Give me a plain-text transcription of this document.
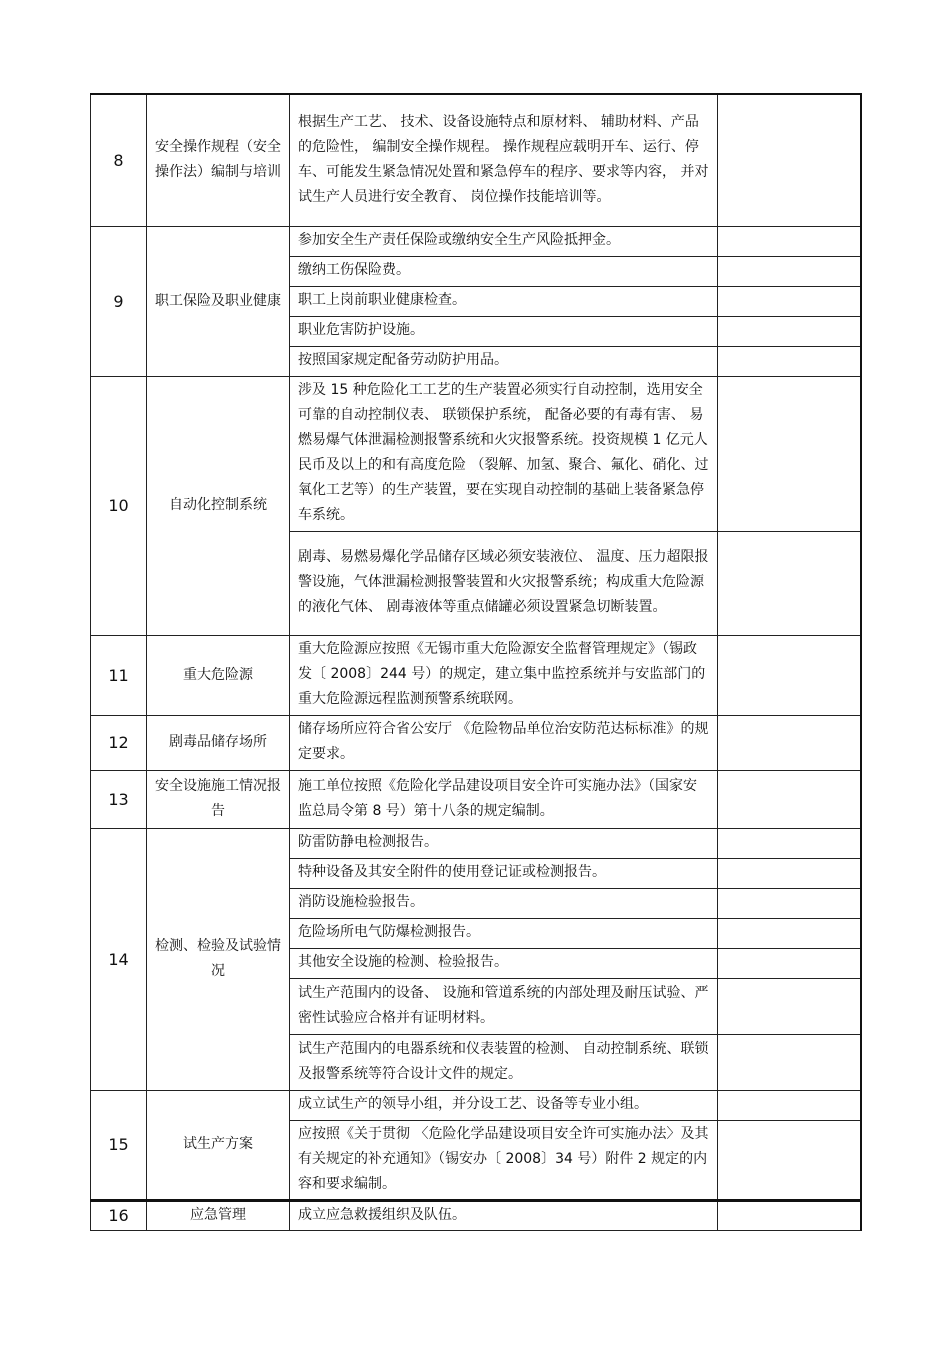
8	安全操作规程（安全操作法）编制与培训	根据生产工艺、 技术、设备设施特点和原材料、 辅助材料、产品的危险性， 编制安全操作规程。 操作规程应载明开车、运行、停车、可能发生紧急情况处置和紧急停车的程序、要求等内容， 并对试生产人员进行安全教育、 岗位操作技能培训等。	
9	职工保险及职业健康	参加安全生产责任保险或缴纳安全生产风险抵押金。	
		缴纳工伤保险费。	
		职工上岗前职业健康检查。	
		职业危害防护设施。	
		按照国家规定配备劳动防护用品。	
10	自动化控制系统	涉及 15 种危险化工工艺的生产装置必须实行自动控制，选用安全可靠的自动控制仪表、 联锁保护系统， 配备必要的有毒有害、 易燃易爆气体泄漏检测报警系统和火灾报警系统。投资规模 1 亿元人民币及以上的和有高度危险 （裂解、加氢、聚合、氟化、硝化、过氧化工艺等）的生产装置，要在实现自动控制的基础上装备紧急停车系统。	
		剧毒、易燃易爆化学品储存区域必须安装液位、 温度、压力超限报警设施，气体泄漏检测报警装置和火灾报警系统；构成重大危险源的液化气体、 剧毒液体等重点储罐必须设置紧急切断装置。	
11	重大危险源	重大危险源应按照《无锡市重大危险源安全监督管理规定》（锡政发〔 2008〕244 号）的规定，建立集中监控系统并与安监部门的重大危险源远程监测预警系统联网。	
12	剧毒品储存场所	储存场所应符合省公安厅 《危险物品单位治安防范达标标准》的规定要求。	
13	安全设施施工情况报告	施工单位按照《危险化学品建设项目安全许可实施办法》（国家安监总局令第 8 号）第十八条的规定编制。	
14	检测、检验及试验情况	防雷防静电检测报告。	
		特种设备及其安全附件的使用登记证或检测报告。	
		消防设施检验报告。	
		危险场所电气防爆检测报告。	
		其他安全设施的检测、检验报告。	
		试生产范围内的设备、 设施和管道系统的内部处理及耐压试验、严密性试验应合格并有证明材料。	
		试生产范围内的电器系统和仪表装置的检测、 自动控制系统、联锁及报警系统等符合设计文件的规定。	
15	试生产方案	成立试生产的领导小组，并分设工艺、设备等专业小组。	
		应按照《关于贯彻 〈危险化学品建设项目安全许可实施办法〉及其有关规定的补充通知》（锡安办〔 2008〕34 号）附件 2 规定的内容和要求编制。	
16	应急管理	成立应急救援组织及队伍。	
